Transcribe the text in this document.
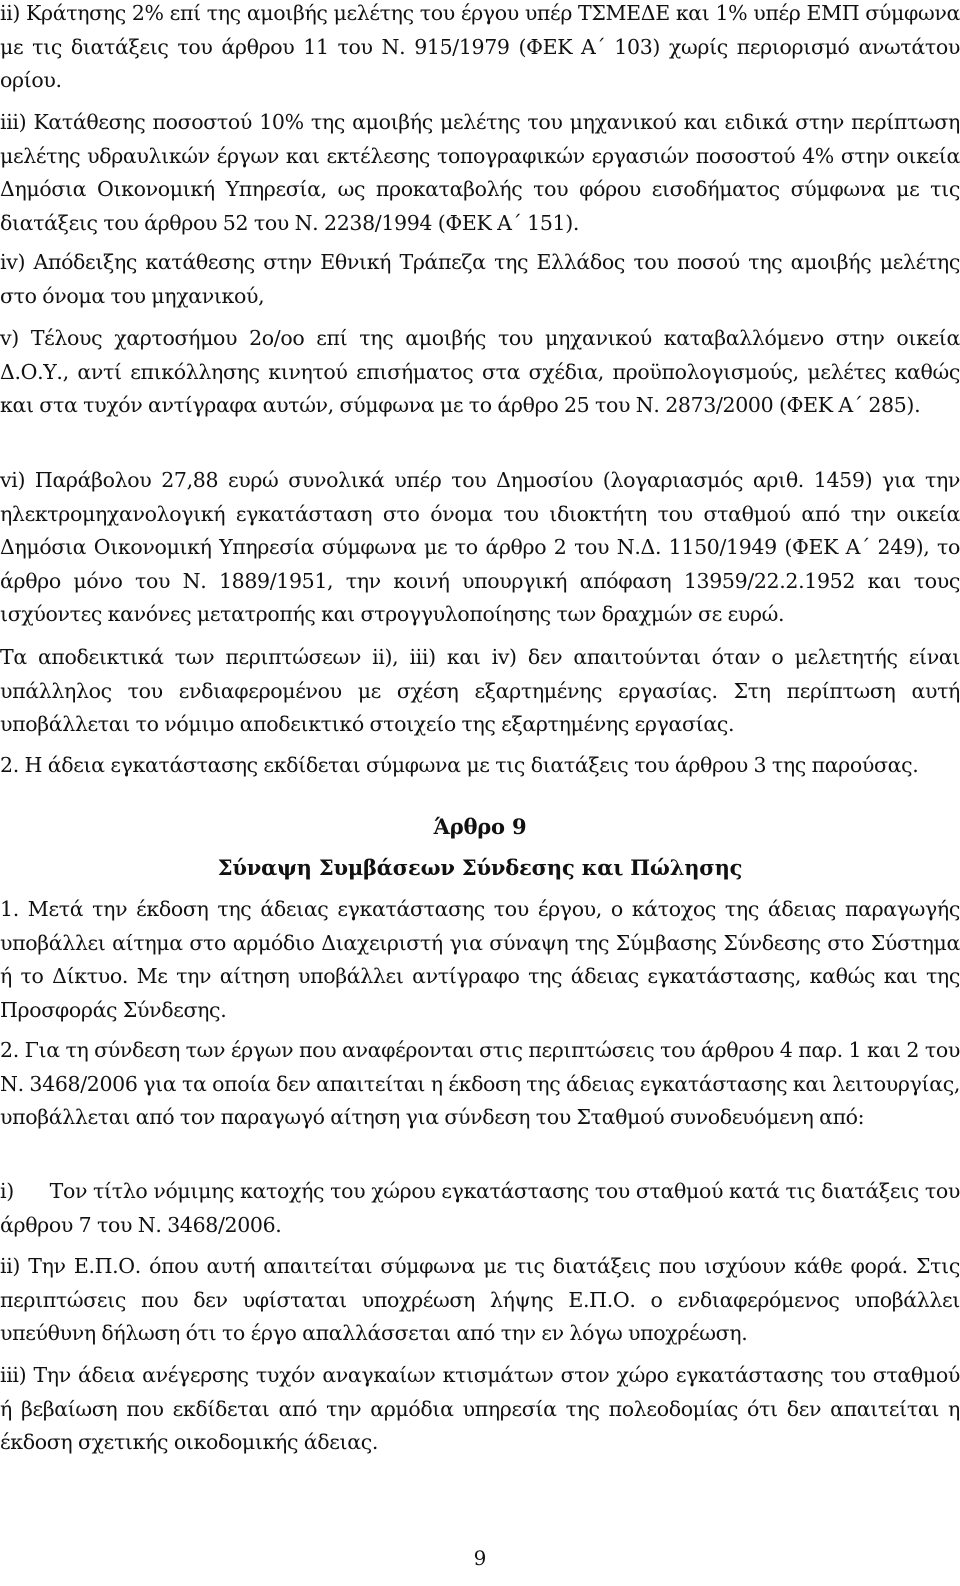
ii) Κράτησης 2% επί της αμοιβής μελέτης του έργου υπέρ ΤΣΜΕΔΕ και 1% υπέρ ΕΜΠ σύμφωνα με τις διατάξεις του άρθρου 11 του Ν. 915/1979 (ΦΕΚ Α΄ 103) χωρίς περιορισμό ανωτάτου ορίου.
iii) Κατάθεσης ποσοστού 10% της αμοιβής μελέτης του μηχανικού και ειδικά στην περίπτωση μελέτης υδραυλικών έργων και εκτέλεσης τοπογραφικών εργασιών ποσοστού 4% στην οικεία Δημόσια Οικονομική Υπηρεσία, ως προκαταβολής του φόρου εισοδήματος σύμφωνα με τις διατάξεις του άρθρου 52 του Ν. 2238/1994 (ΦΕΚ Α΄ 151).
iv) Απόδειξης κατάθεσης στην Εθνική Τράπεζα της Ελλάδος του ποσού της αμοιβής μελέτης στο όνομα του μηχανικού,
v) Τέλους χαρτοσήμου 2ο/οο επί της αμοιβής του μηχανικού καταβαλλόμενο στην οικεία Δ.Ο.Υ., αντί επικόλλησης κινητού επισήματος στα σχέδια, προϋπολογισμούς, μελέτες καθώς και στα τυχόν αντίγραφα αυτών, σύμφωνα με το άρθρο 25 του Ν. 2873/2000 (ΦΕΚ Α΄ 285).
vi) Παράβολου 27,88 ευρώ συνολικά υπέρ του Δημοσίου (λογαριασμός αριθ. 1459) για την ηλεκτρομηχανολογική εγκατάσταση στο όνομα του ιδιοκτήτη του σταθμού από την οικεία Δημόσια Οικονομική Υπηρεσία σύμφωνα με το άρθρο 2 του Ν.Δ. 1150/1949 (ΦΕΚ Α΄ 249), το άρθρο μόνο του Ν. 1889/1951, την κοινή υπουργική απόφαση 13959/22.2.1952 και τους ισχύοντες κανόνες μετατροπής και στρογγυλοποίησης των δραχμών σε ευρώ.
Τα αποδεικτικά των περιπτώσεων ii), iii) και iv) δεν απαιτούνται όταν ο μελετητής είναι υπάλληλος του ενδιαφερομένου με σχέση εξαρτημένης εργασίας. Στη περίπτωση αυτή υποβάλλεται το νόμιμο αποδεικτικό στοιχείο της εξαρτημένης εργασίας.
2. Η άδεια εγκατάστασης εκδίδεται σύμφωνα με τις διατάξεις του άρθρου 3 της παρούσας.
Άρθρο 9
Σύναψη Συμβάσεων Σύνδεσης και Πώλησης
1. Μετά την έκδοση της άδειας εγκατάστασης του έργου, ο κάτοχος της άδειας παραγωγής υποβάλλει αίτημα στο αρμόδιο Διαχειριστή για σύναψη της Σύμβασης Σύνδεσης στο Σύστημα ή το Δίκτυο. Με την αίτηση υποβάλλει αντίγραφο της άδειας εγκατάστασης, καθώς και της Προσφοράς Σύνδεσης.
2. Για τη σύνδεση των έργων που αναφέρονται στις περιπτώσεις του άρθρου 4 παρ. 1 και 2 του Ν. 3468/2006 για τα οποία δεν απαιτείται η έκδοση της άδειας εγκατάστασης και λειτουργίας, υποβάλλεται από τον παραγωγό αίτηση για σύνδεση του Σταθμού συνοδευόμενη από:
i)      Τον τίτλο νόμιμης κατοχής του χώρου εγκατάστασης του σταθμού κατά τις διατάξεις του άρθρου 7 του Ν. 3468/2006.
ii) Την Ε.Π.Ο. όπου αυτή απαιτείται σύμφωνα με τις διατάξεις που ισχύουν κάθε φορά. Στις περιπτώσεις που δεν υφίσταται υποχρέωση λήψης Ε.Π.Ο. ο ενδιαφερόμενος υποβάλλει υπεύθυνη δήλωση ότι το έργο απαλλάσσεται από την εν λόγω υποχρέωση.
iii) Την άδεια ανέγερσης τυχόν αναγκαίων κτισμάτων στον χώρο εγκατάστασης του σταθμού ή βεβαίωση που εκδίδεται από την αρμόδια υπηρεσία της πολεοδομίας ότι δεν απαιτείται η έκδοση σχετικής οικοδομικής άδειας.
9
